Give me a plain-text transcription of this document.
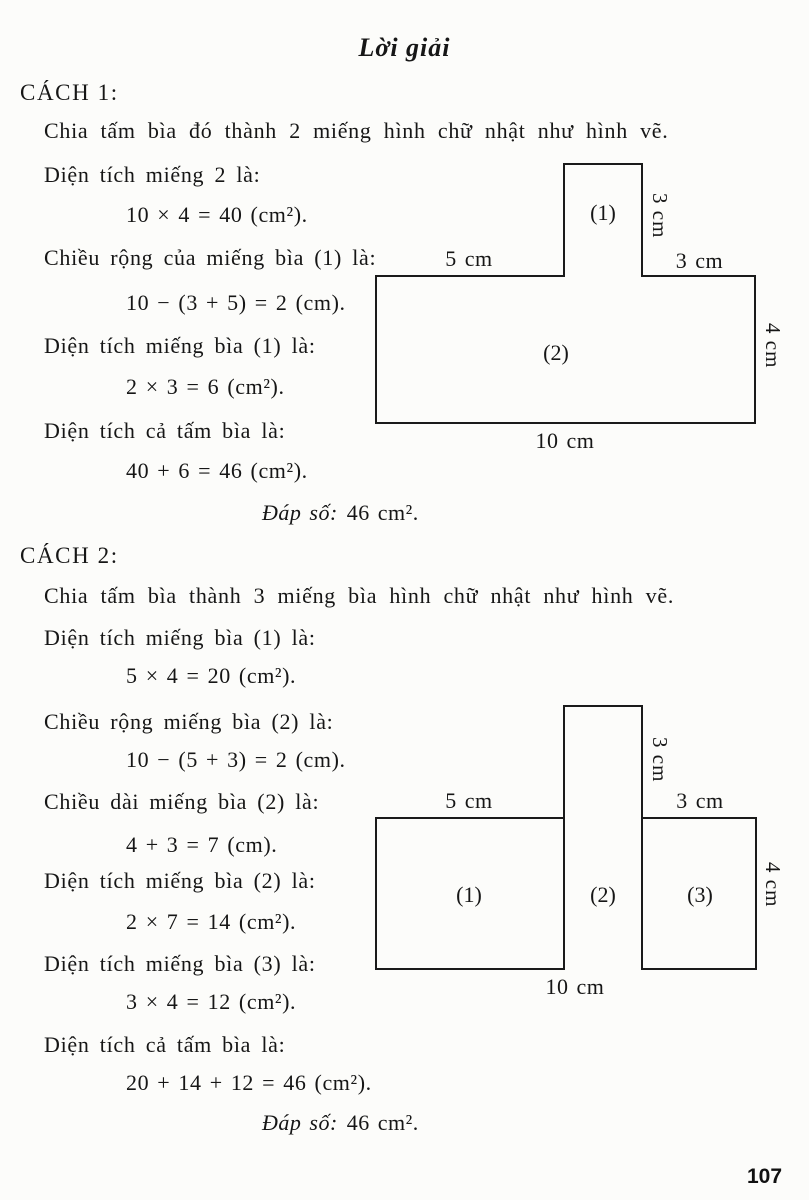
Lời giải
CÁCH 1:
Chia tấm bìa đó thành 2 miếng hình chữ nhật như hình vẽ.
Diện tích miếng 2 là:
10 × 4 = 40 (cm²).
Chiều rộng của miếng bìa (1) là:
10 − (3 + 5) = 2 (cm).
Diện tích miếng bìa (1) là:
2 × 3 = 6 (cm²).
Diện tích cả tấm bìa là:
40 + 6 = 46 (cm²).
Đáp số: 46 cm².
5 cm	3 cm
(1)	3 cm
(2)	4 cm
10 cm
CÁCH 2:
Chia tấm bìa thành 3 miếng bìa hình chữ nhật như hình vẽ.
Diện tích miếng bìa (1) là:
5 × 4 = 20 (cm²).
Chiều rộng miếng bìa (2) là:
10 − (5 + 3) = 2 (cm).
Chiều dài miếng bìa (2) là:
4 + 3 = 7 (cm).
Diện tích miếng bìa (2) là:
2 × 7 = 14 (cm²).
Diện tích miếng bìa (3) là:
3 × 4 = 12 (cm²).
Diện tích cả tấm bìa là:
20 + 14 + 12 = 46 (cm²).
Đáp số: 46 cm².
5 cm	3 cm
3 cm
(1)	(2)	(3)	4 cm
10 cm
107
